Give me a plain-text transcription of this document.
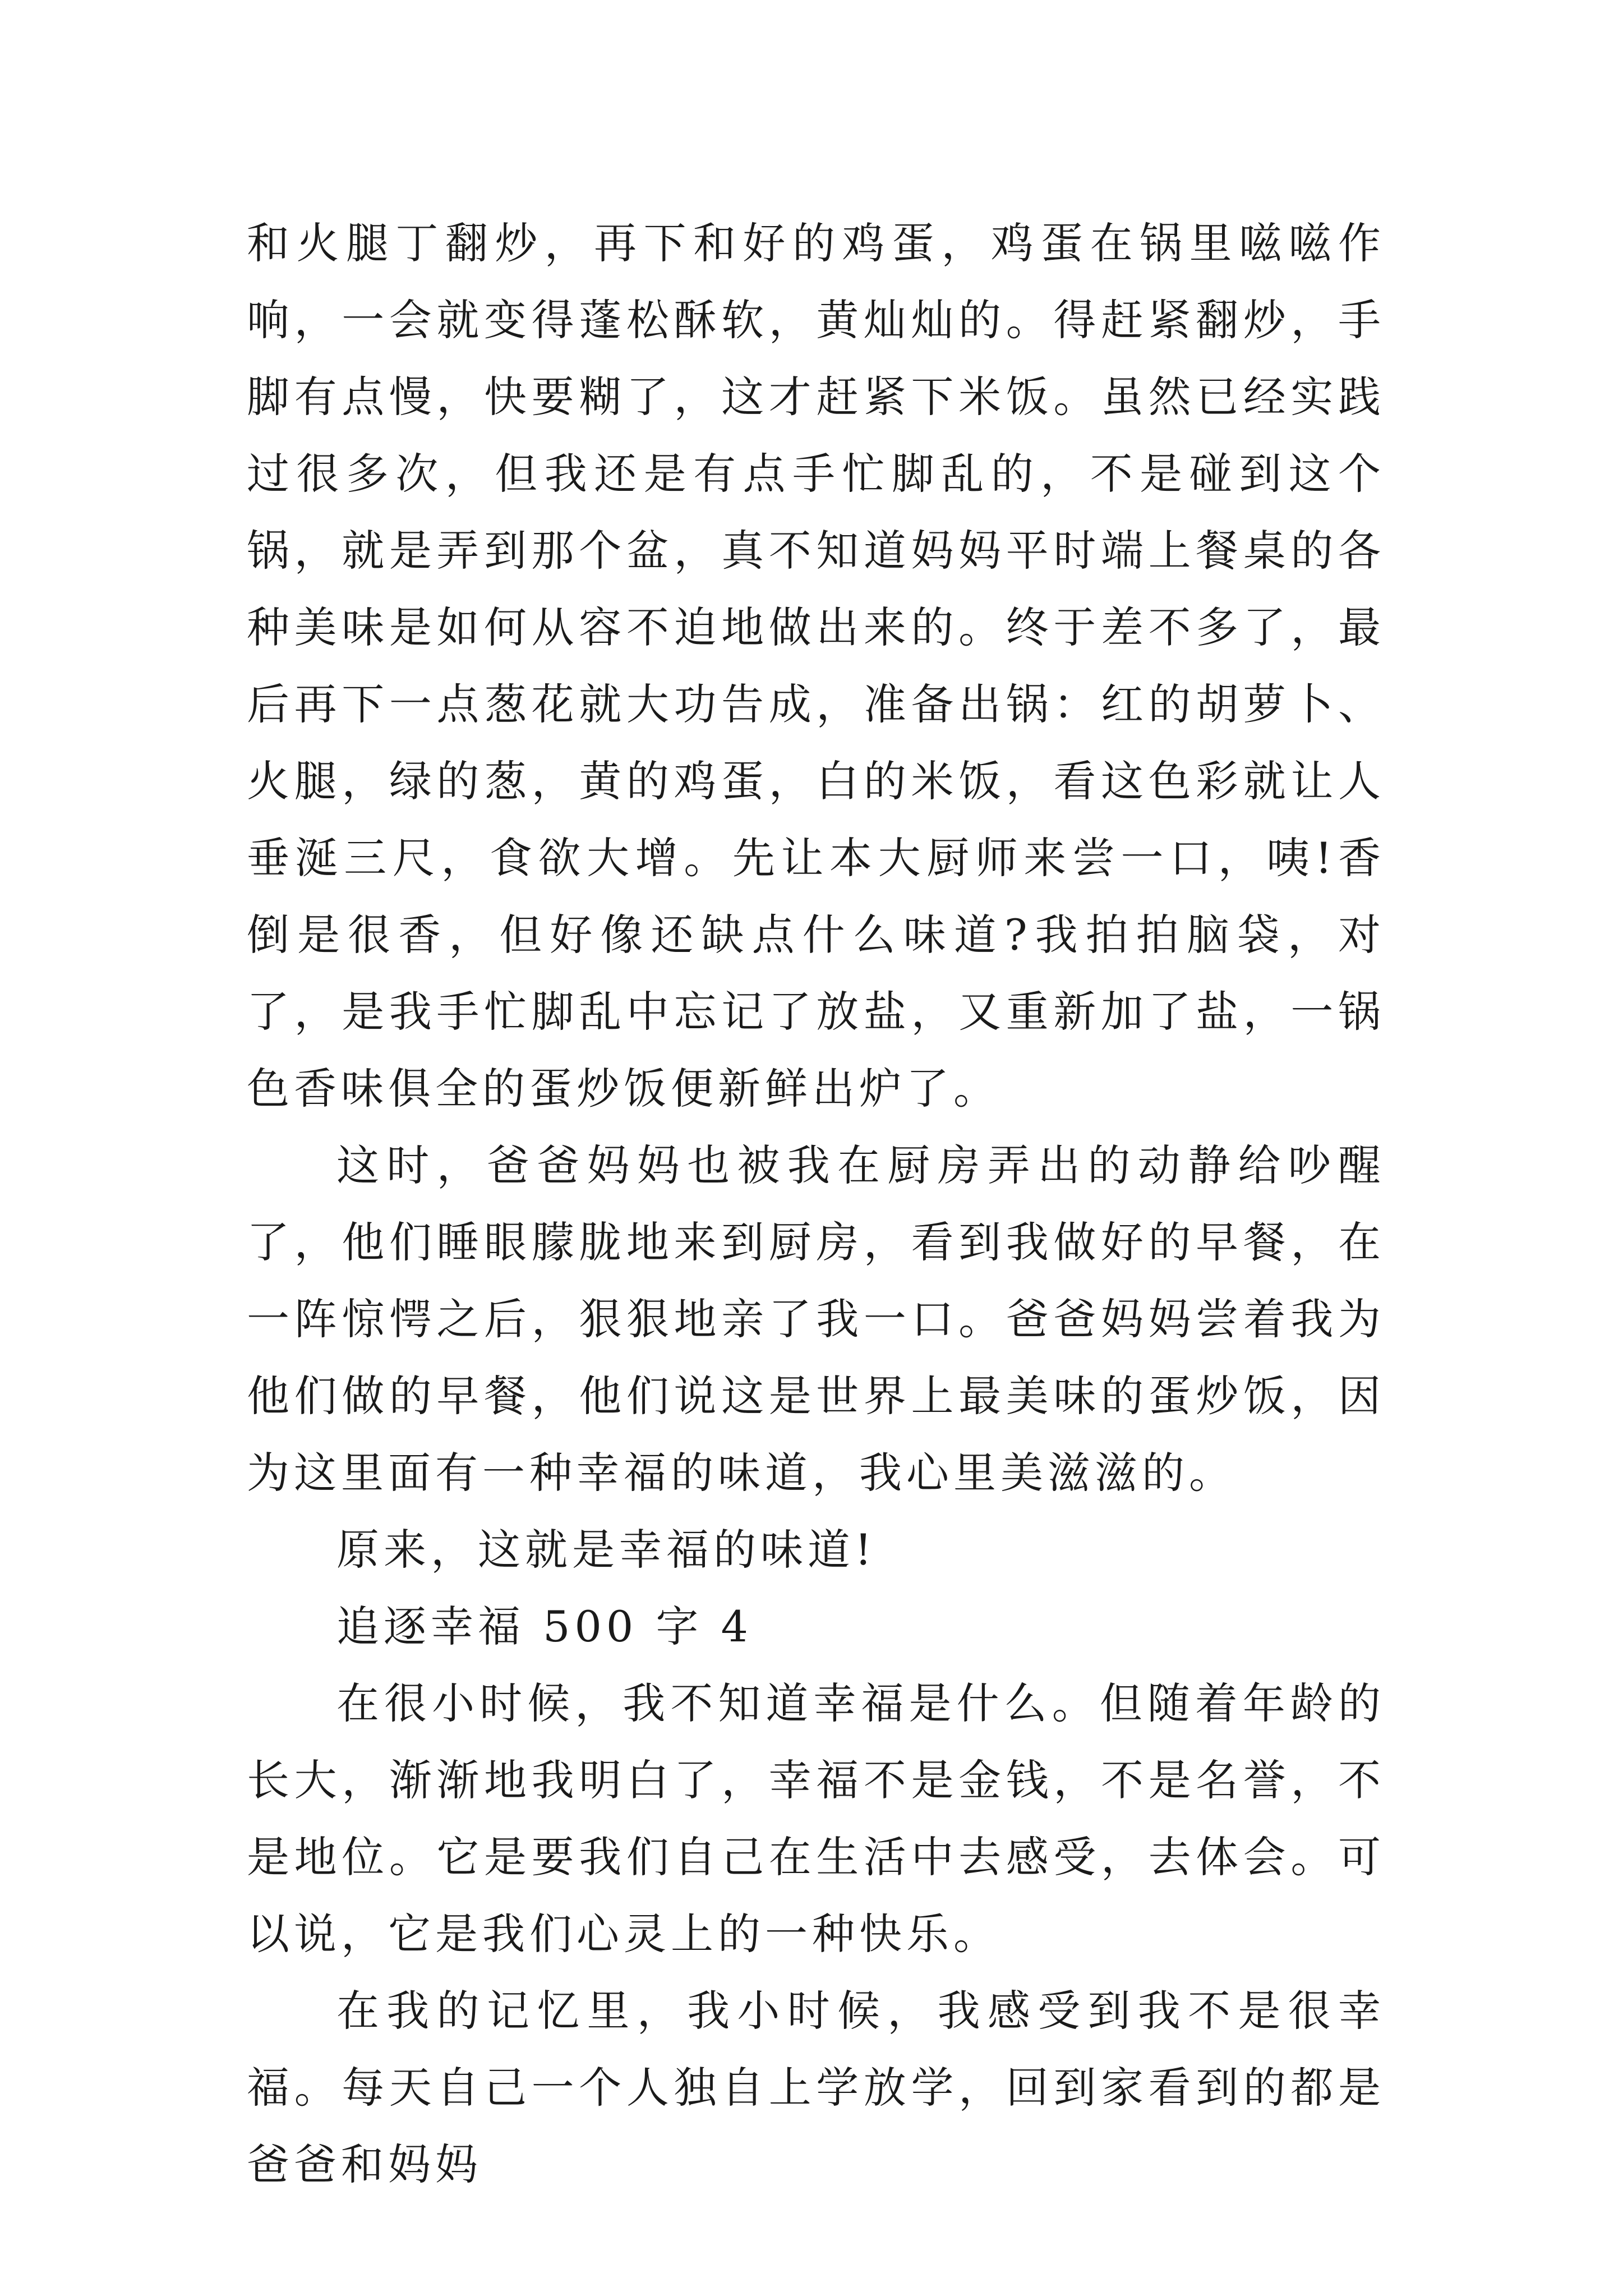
和火腿丁翻炒，再下和好的鸡蛋，鸡蛋在锅里嗞嗞作响，一会就变得蓬松酥软，黄灿灿的。得赶紧翻炒，手脚有点慢，快要糊了，这才赶紧下米饭。虽然已经实践过很多次，但我还是有点手忙脚乱的，不是碰到这个锅，就是弄到那个盆，真不知道妈妈平时端上餐桌的各种美味是如何从容不迫地做出来的。终于差不多了，最后再下一点葱花就大功告成，准备出锅：红的胡萝卜、火腿，绿的葱，黄的鸡蛋，白的米饭，看这色彩就让人垂涎三尺，食欲大增。先让本大厨师来尝一口，咦!香倒是很香，但好像还缺点什么味道?我拍拍脑袋，对了，是我手忙脚乱中忘记了放盐，又重新加了盐，一锅色香味俱全的蛋炒饭便新鲜出炉了。

这时，爸爸妈妈也被我在厨房弄出的动静给吵醒了，他们睡眼朦胧地来到厨房，看到我做好的早餐，在一阵惊愕之后，狠狠地亲了我一口。爸爸妈妈尝着我为他们做的早餐，他们说这是世界上最美味的蛋炒饭，因为这里面有一种幸福的味道，我心里美滋滋的。

原来，这就是幸福的味道!

追逐幸福 500 字 4

在很小时候，我不知道幸福是什么。但随着年龄的长大，渐渐地我明白了，幸福不是金钱，不是名誉，不是地位。它是要我们自己在生活中去感受，去体会。可以说，它是我们心灵上的一种快乐。

在我的记忆里，我小时候，我感受到我不是很幸福。每天自己一个人独自上学放学，回到家看到的都是爸爸和妈妈
